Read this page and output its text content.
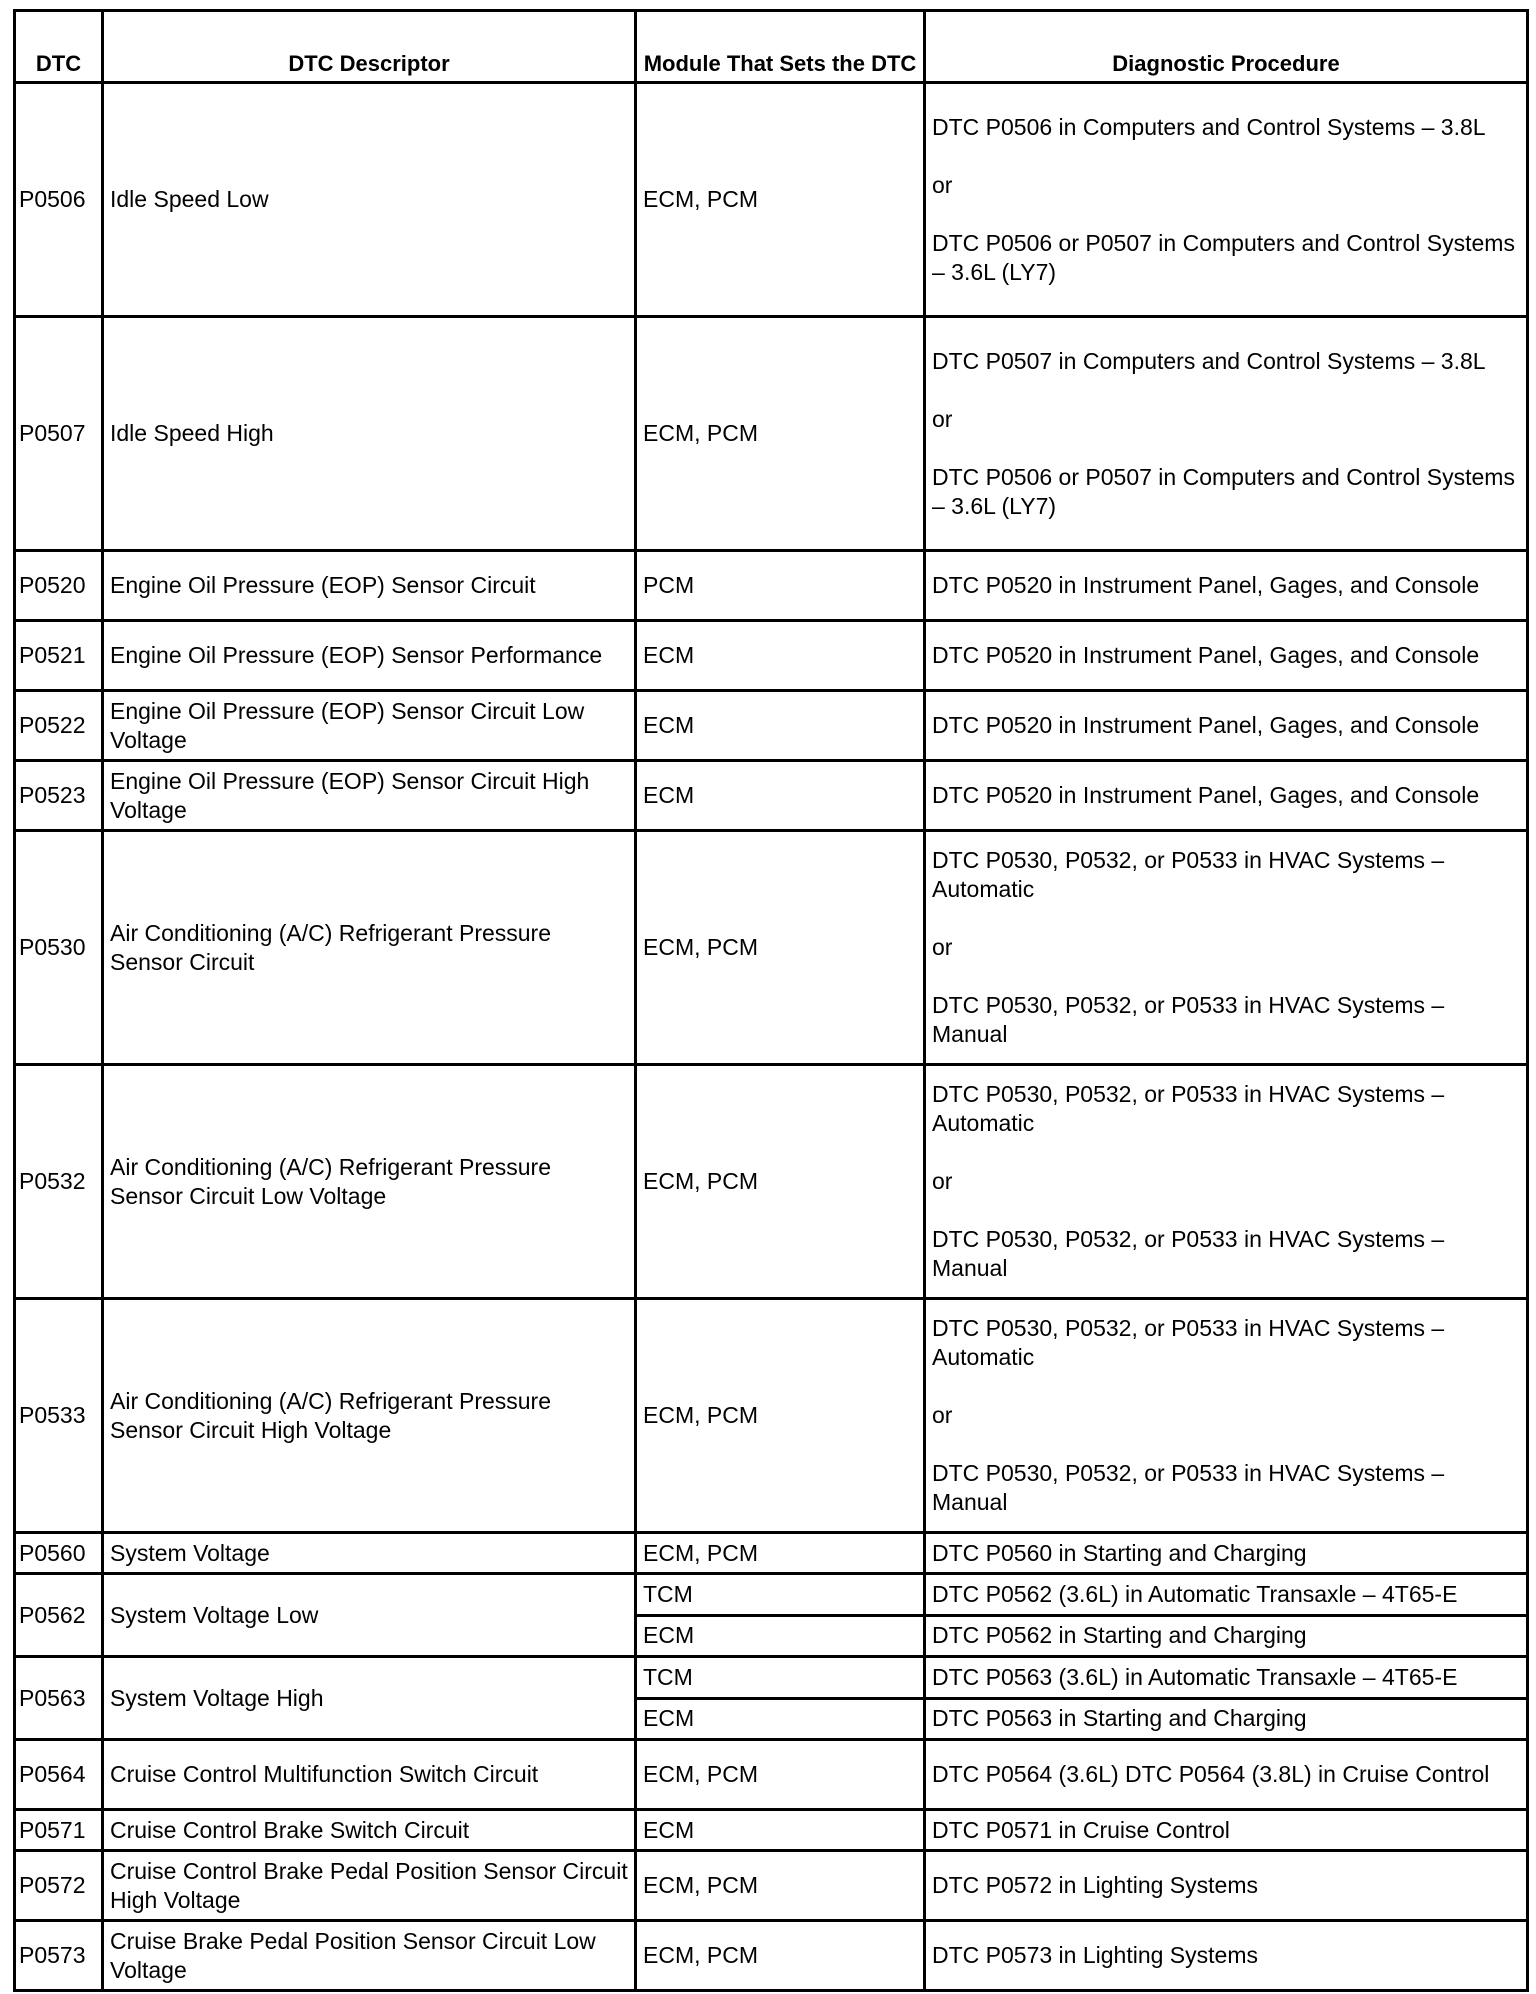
DTC	DTC Descriptor	Module That Sets the DTC	Diagnostic Procedure
P0506	Idle Speed Low	ECM, PCM	DTC P0506 in Computers and Control Systems – 3.8L

or

DTC P0506 or P0507 in Computers and Control Systems – 3.6L (LY7)
P0507	Idle Speed High	ECM, PCM	DTC P0507 in Computers and Control Systems – 3.8L

or

DTC P0506 or P0507 in Computers and Control Systems – 3.6L (LY7)
P0520	Engine Oil Pressure (EOP) Sensor Circuit	PCM	DTC P0520 in Instrument Panel, Gages, and Console
P0521	Engine Oil Pressure (EOP) Sensor Performance	ECM	DTC P0520 in Instrument Panel, Gages, and Console
P0522	Engine Oil Pressure (EOP) Sensor Circuit Low Voltage	ECM	DTC P0520 in Instrument Panel, Gages, and Console
P0523	Engine Oil Pressure (EOP) Sensor Circuit High Voltage	ECM	DTC P0520 in Instrument Panel, Gages, and Console
P0530	Air Conditioning (A/C) Refrigerant Pressure Sensor Circuit	ECM, PCM	DTC P0530, P0532, or P0533 in HVAC Systems – Automatic

or

DTC P0530, P0532, or P0533 in HVAC Systems – Manual
P0532	Air Conditioning (A/C) Refrigerant Pressure Sensor Circuit Low Voltage	ECM, PCM	DTC P0530, P0532, or P0533 in HVAC Systems – Automatic

or

DTC P0530, P0532, or P0533 in HVAC Systems – Manual
P0533	Air Conditioning (A/C) Refrigerant Pressure Sensor Circuit High Voltage	ECM, PCM	DTC P0530, P0532, or P0533 in HVAC Systems – Automatic

or

DTC P0530, P0532, or P0533 in HVAC Systems – Manual
P0560	System Voltage	ECM, PCM	DTC P0560 in Starting and Charging
P0562	System Voltage Low	TCM	DTC P0562 (3.6L) in Automatic Transaxle – 4T65-E
		ECM	DTC P0562 in Starting and Charging
P0563	System Voltage High	TCM	DTC P0563 (3.6L) in Automatic Transaxle – 4T65-E
		ECM	DTC P0563 in Starting and Charging
P0564	Cruise Control Multifunction Switch Circuit	ECM, PCM	DTC P0564 (3.6L) DTC P0564 (3.8L) in Cruise Control
P0571	Cruise Control Brake Switch Circuit	ECM	DTC P0571 in Cruise Control
P0572	Cruise Control Brake Pedal Position Sensor Circuit High Voltage	ECM, PCM	DTC P0572 in Lighting Systems
P0573	Cruise Brake Pedal Position Sensor Circuit Low Voltage	ECM, PCM	DTC P0573 in Lighting Systems
